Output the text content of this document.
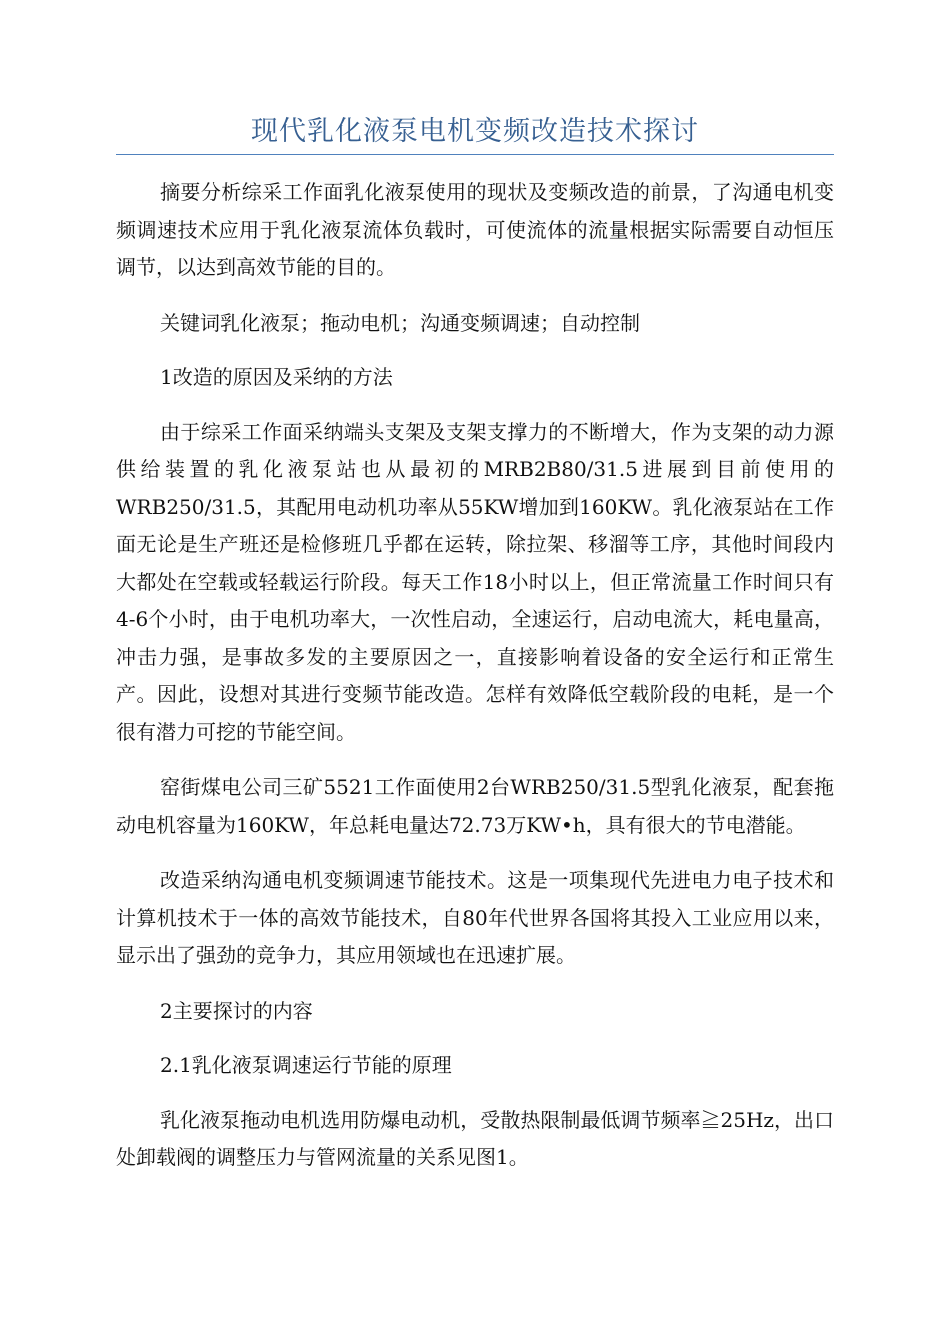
现代乳化液泵电机变频改造技术探讨

摘要分析综采工作面乳化液泵使用的现状及变频改造的前景，了沟通电机变频调速技术应用于乳化液泵流体负载时，可使流体的流量根据实际需要自动恒压调节，以达到高效节能的目的。

关键词乳化液泵；拖动电机；沟通变频调速；自动控制

1改造的原因及采纳的方法

由于综采工作面采纳端头支架及支架支撑力的不断增大，作为支架的动力源供给装置的乳化液泵站也从最初的MRB2B80/31.5进展到目前使用的WRB250/31.5，其配用电动机功率从55KW增加到160KW。乳化液泵站在工作面无论是生产班还是检修班几乎都在运转，除拉架、移溜等工序，其他时间段内大都处在空载或轻载运行阶段。每天工作18小时以上，但正常流量工作时间只有4-6个小时，由于电机功率大，一次性启动，全速运行，启动电流大，耗电量高，冲击力强，是事故多发的主要原因之一，直接影响着设备的安全运行和正常生产。因此，设想对其进行变频节能改造。怎样有效降低空载阶段的电耗，是一个很有潜力可挖的节能空间。

窑街煤电公司三矿5521工作面使用2台WRB250/31.5型乳化液泵，配套拖动电机容量为160KW，年总耗电量达72.73万KW•h，具有很大的节电潜能。

改造采纳沟通电机变频调速节能技术。这是一项集现代先进电力电子技术和计算机技术于一体的高效节能技术，自80年代世界各国将其投入工业应用以来，显示出了强劲的竞争力，其应用领域也在迅速扩展。

2主要探讨的内容

2.1乳化液泵调速运行节能的原理

乳化液泵拖动电机选用防爆电动机，受散热限制最低调节频率≧25Hz，出口处卸载阀的调整压力与管网流量的关系见图1。
